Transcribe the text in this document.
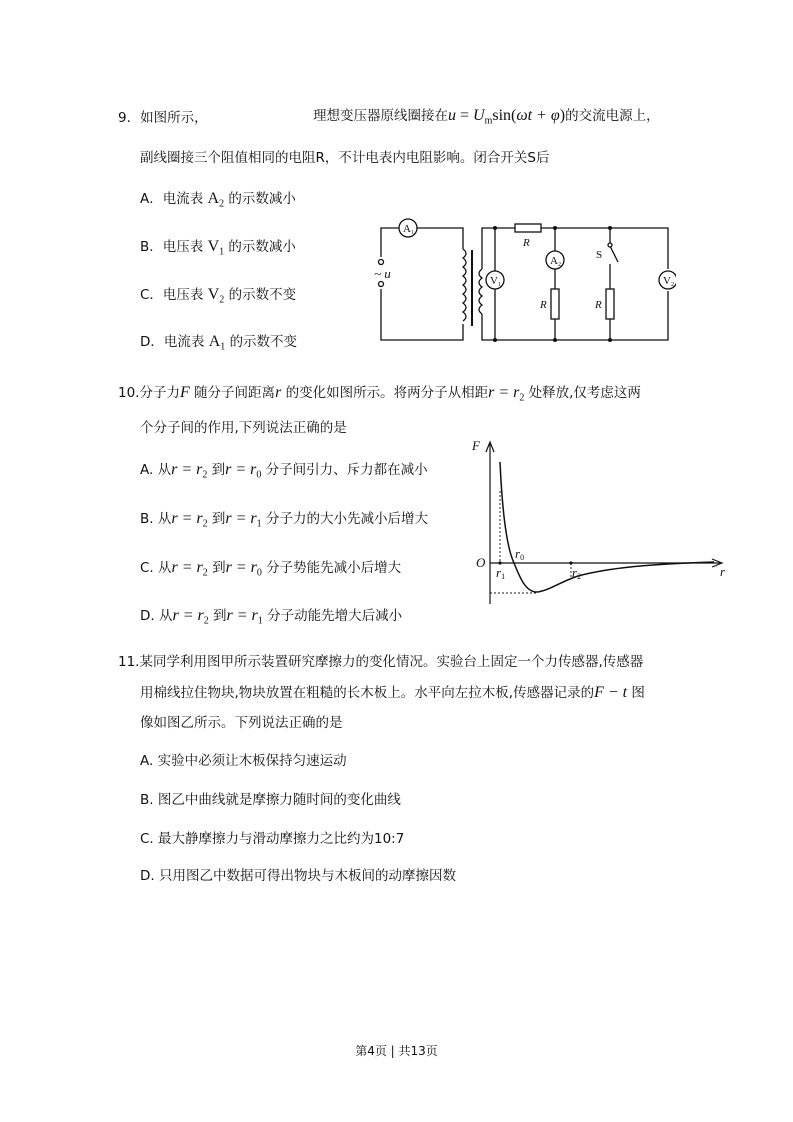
9．如图所示，	理想变压器原线圈接在$u = U_m\sin(\omega t + \varphi)$的交流电源上，
副线圈接三个阻值相同的电阻R，不计电表内电阻影响。闭合开关S后
A．电流表 $A_2$ 的示数减小
B．电压表 $V_1$ 的示数减小
C．电压表 $V_2$ 的示数不变
D．电流表 $A_1$ 的示数不变
A1
V1
A2
V2
R
R	R
S
~ u
10.分子力F 随分子间距离r 的变化如图所示。将两分子从相距$r = r_2$ 处释放,仅考虑这两
个分子间的作用,下列说法正确的是
A. 从$r = r_2$ 到$r = r_0$ 分子间引力、斥力都在减小
B. 从$r = r_2$ 到$r = r_1$ 分子力的大小先减小后增大
C. 从$r = r_2$ 到$r = r_0$ 分子势能先减小后增大
D. 从$r = r_2$ 到$r = r_1$ 分子动能先增大后减小
F
O
r
r0
r1	r2
11.某同学利用图甲所示装置研究摩擦力的变化情况。实验台上固定一个力传感器,传感器
用棉线拉住物块,物块放置在粗糙的长木板上。水平向左拉木板,传感器记录的F − t 图
像如图乙所示。下列说法正确的是
A. 实验中必须让木板保持匀速运动
B. 图乙中曲线就是摩擦力随时间的变化曲线
C. 最大静摩擦力与滑动摩擦力之比约为10:7
D. 只用图乙中数据可得出物块与木板间的动摩擦因数
第4页 | 共13页
